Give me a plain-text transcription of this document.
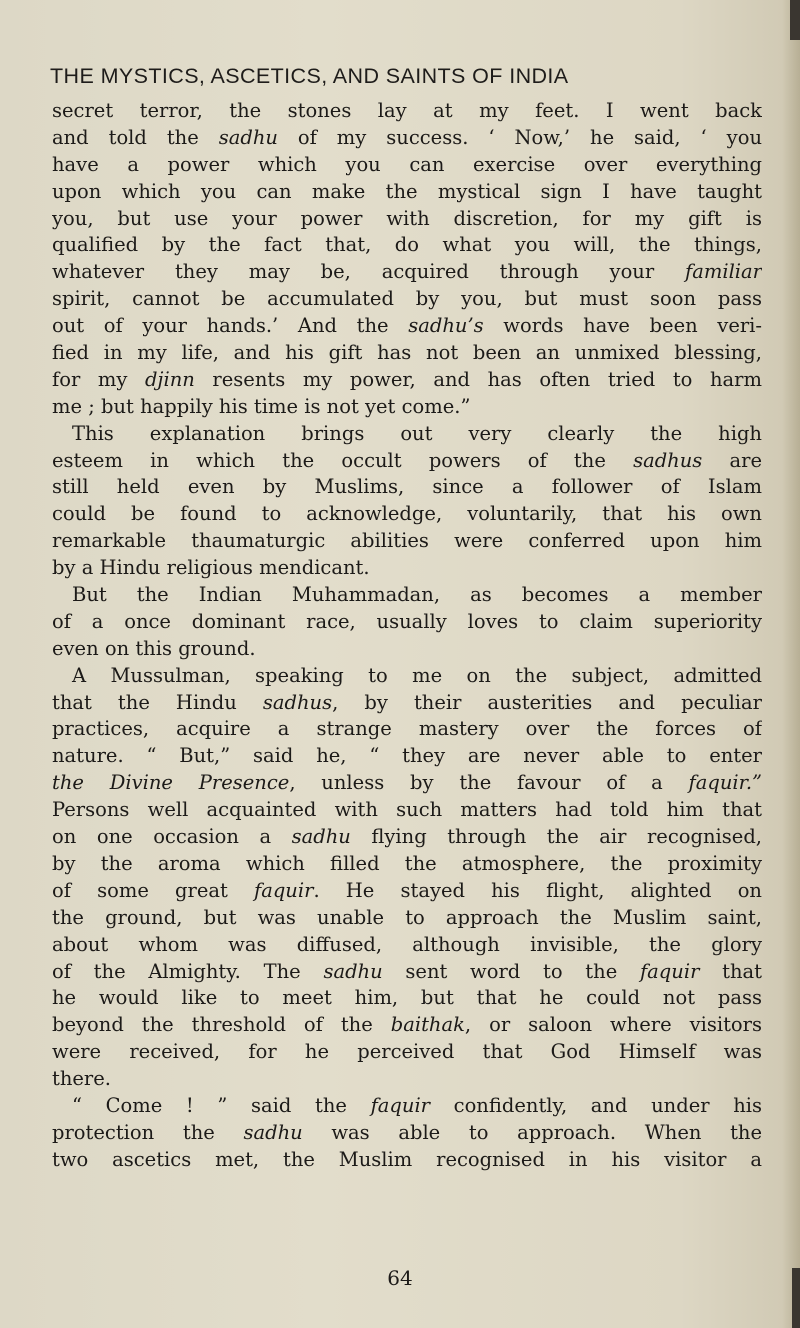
THE MYSTICS, ASCETICS, AND SAINTS OF INDIA
secret terror, the stones lay at my feet. I went back
and told the sadhu of my success. ‘ Now,’ he said, ‘ you
have a power which you can exercise over everything
upon which you can make the mystical sign I have taught
you, but use your power with discretion, for my gift is
qualified by the fact that, do what you will, the things,
whatever they may be, acquired through your familiar
spirit, cannot be accumulated by you, but must soon pass
out of your hands.’ And the sadhu’s words have been veri-
fied in my life, and his gift has not been an unmixed blessing,
for my djinn resents my power, and has often tried to harm
me ; but happily his time is not yet come.”
This explanation brings out very clearly the high
esteem in which the occult powers of the sadhus are
still held even by Muslims, since a follower of Islam
could be found to acknowledge, voluntarily, that his own
remarkable thaumaturgic abilities were conferred upon him
by a Hindu religious mendicant.
But the Indian Muhammadan, as becomes a member
of a once dominant race, usually loves to claim superiority
even on this ground.
A Mussulman, speaking to me on the subject, admitted
that the Hindu sadhus, by their austerities and peculiar
practices, acquire a strange mastery over the forces of
nature. “ But,” said he, “ they are never able to enter
the Divine Presence, unless by the favour of a faquir.”
Persons well acquainted with such matters had told him that
on one occasion a sadhu flying through the air recognised,
by the aroma which filled the atmosphere, the proximity
of some great faquir. He stayed his flight, alighted on
the ground, but was unable to approach the Muslim saint,
about whom was diffused, although invisible, the glory
of the Almighty. The sadhu sent word to the faquir that
he would like to meet him, but that he could not pass
beyond the threshold of the baithak, or saloon where visitors
were received, for he perceived that God Himself was
there.
“ Come ! ” said the faquir confidently, and under his
protection the sadhu was able to approach. When the
two ascetics met, the Muslim recognised in his visitor a
64
